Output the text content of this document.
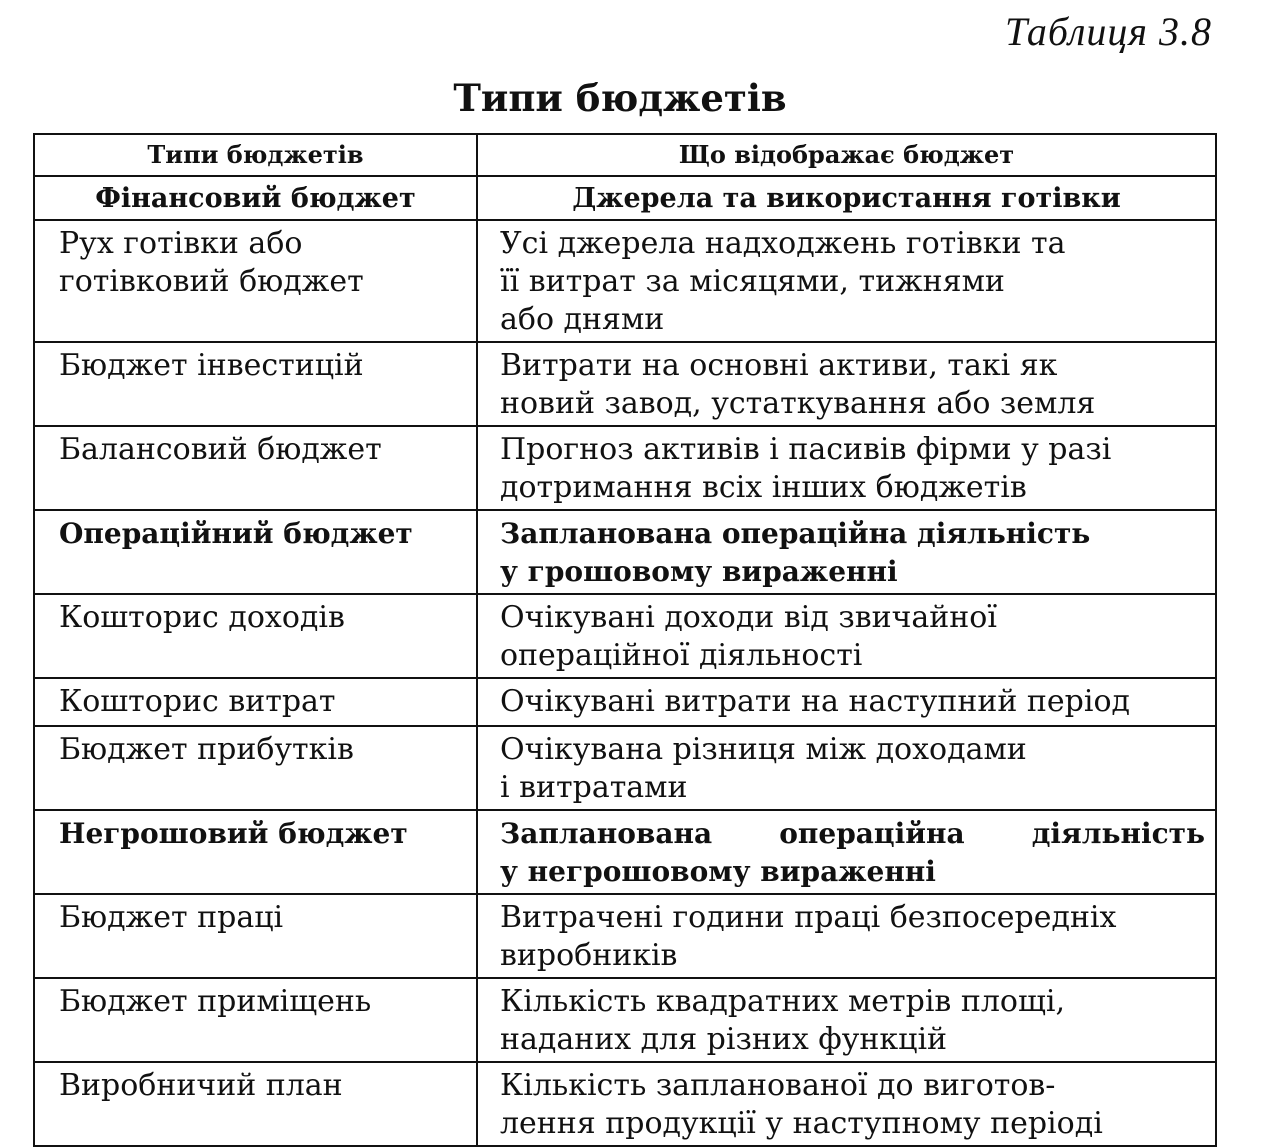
Таблиця 3.8
Типи бюджетів
Типи бюджетів	Що відображає бюджет
Фінансовий бюджет	Джерела та використання готівки

Рух готівки або
готівковий бюджет	Усі джерела надходжень готівки та
її витрат за місяцями, тижнями
або днями

Бюджет інвестицій	Витрати на основні активи, такі як
новий завод, устаткування або земля

Балансовий бюджет	Прогноз активів і пасивів фірми у разі
дотримання всіх інших бюджетів

Операційний бюджет	Запланована операційна діяльність
у грошовому вираженні

Кошторис доходів	Очікувані доходи від звичайної
операційної діяльності

Кошторис витрат	Очікувані витрати на наступний період

Бюджет прибутків	Очікувана різниця між доходами
і витратами

Негрошовий бюджет	Запланована операційна діяльність
у негрошовому вираженні

Бюджет праці	Витрачені години праці безпосередніх
виробників

Бюджет приміщень	Кількість квадратних метрів площі,
наданих для різних функцій

Виробничий план	Кількість запланованої до виготов-
лення продукції у наступному періоді
